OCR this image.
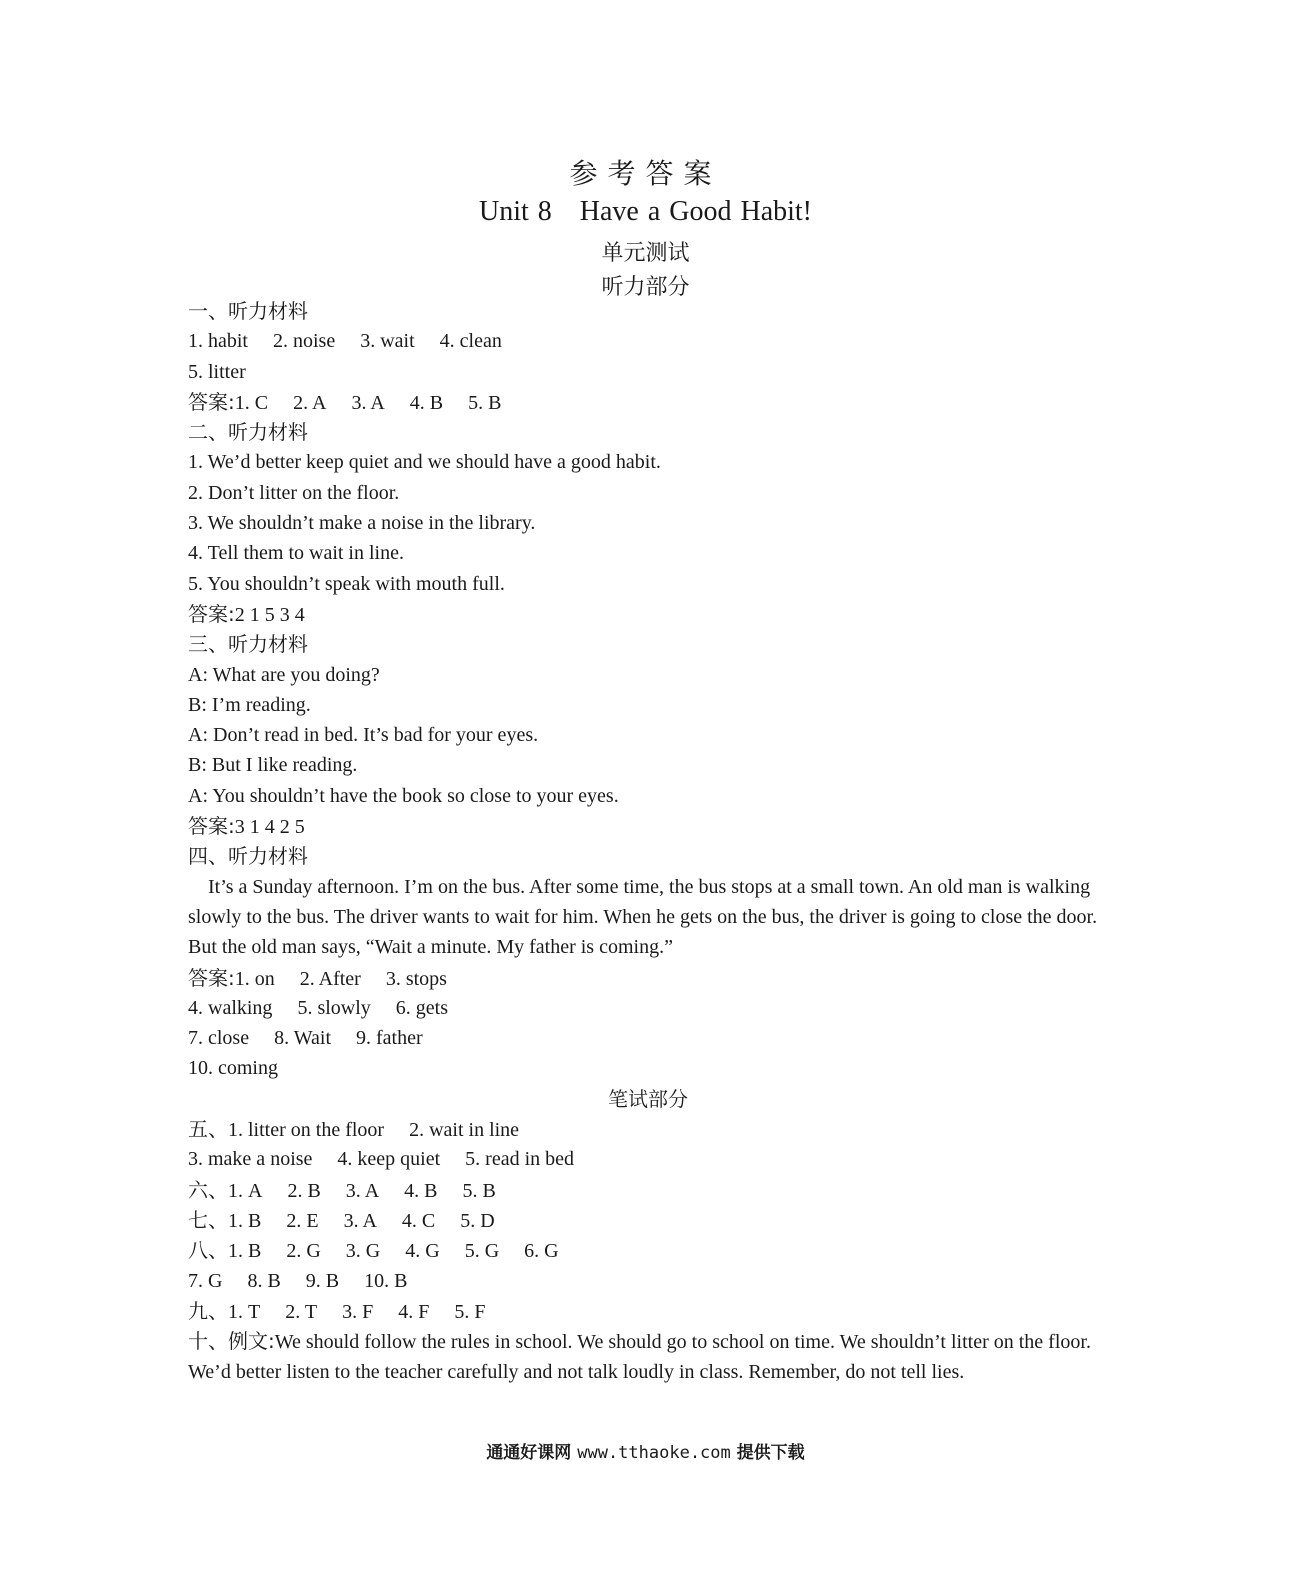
参考答案
Unit 8 Have a Good Habit!
单元测试
听力部分
一、听力材料
1. habit 2. noise 3. wait 4. clean
5. litter
答案:1. C 2. A 3. A 4. B 5. B
二、听力材料
1. We’d better keep quiet and we should have a good habit.
2. Don’t litter on the floor.
3. We shouldn’t make a noise in the library.
4. Tell them to wait in line.
5. You shouldn’t speak with mouth full.
答案:2 1 5 3 4
三、听力材料
A: What are you doing?
B: I’m reading.
A: Don’t read in bed. It’s bad for your eyes.
B: But I like reading.
A: You shouldn’t have the book so close to your eyes.
答案:3 1 4 2 5
四、听力材料
It’s a Sunday afternoon. I’m on the bus. After some time, the bus stops at a small town. An old man is walking slowly to the bus. The driver wants to wait for him. When he gets on the bus, the driver is going to close the door. But the old man says, “Wait a minute. My father is coming.”
答案:1. on 2. After 3. stops
4. walking 5. slowly 6. gets
7. close 8. Wait 9. father
10. coming
笔试部分
五、1. litter on the floor 2. wait in line
3. make a noise 4. keep quiet 5. read in bed
六、1. A 2. B 3. A 4. B 5. B
七、1. B 2. E 3. A 4. C 5. D
八、1. B 2. G 3. G 4. G 5. G 6. G
7. G 8. B 9. B 10. B
九、1. T 2. T 3. F 4. F 5. F
十、例文:We should follow the rules in school. We should go to school on time. We shouldn’t litter on the floor. We’d better listen to the teacher carefully and not talk loudly in class. Remember, do not tell lies.
通通好课网 www.tthaoke.com 提供下载
